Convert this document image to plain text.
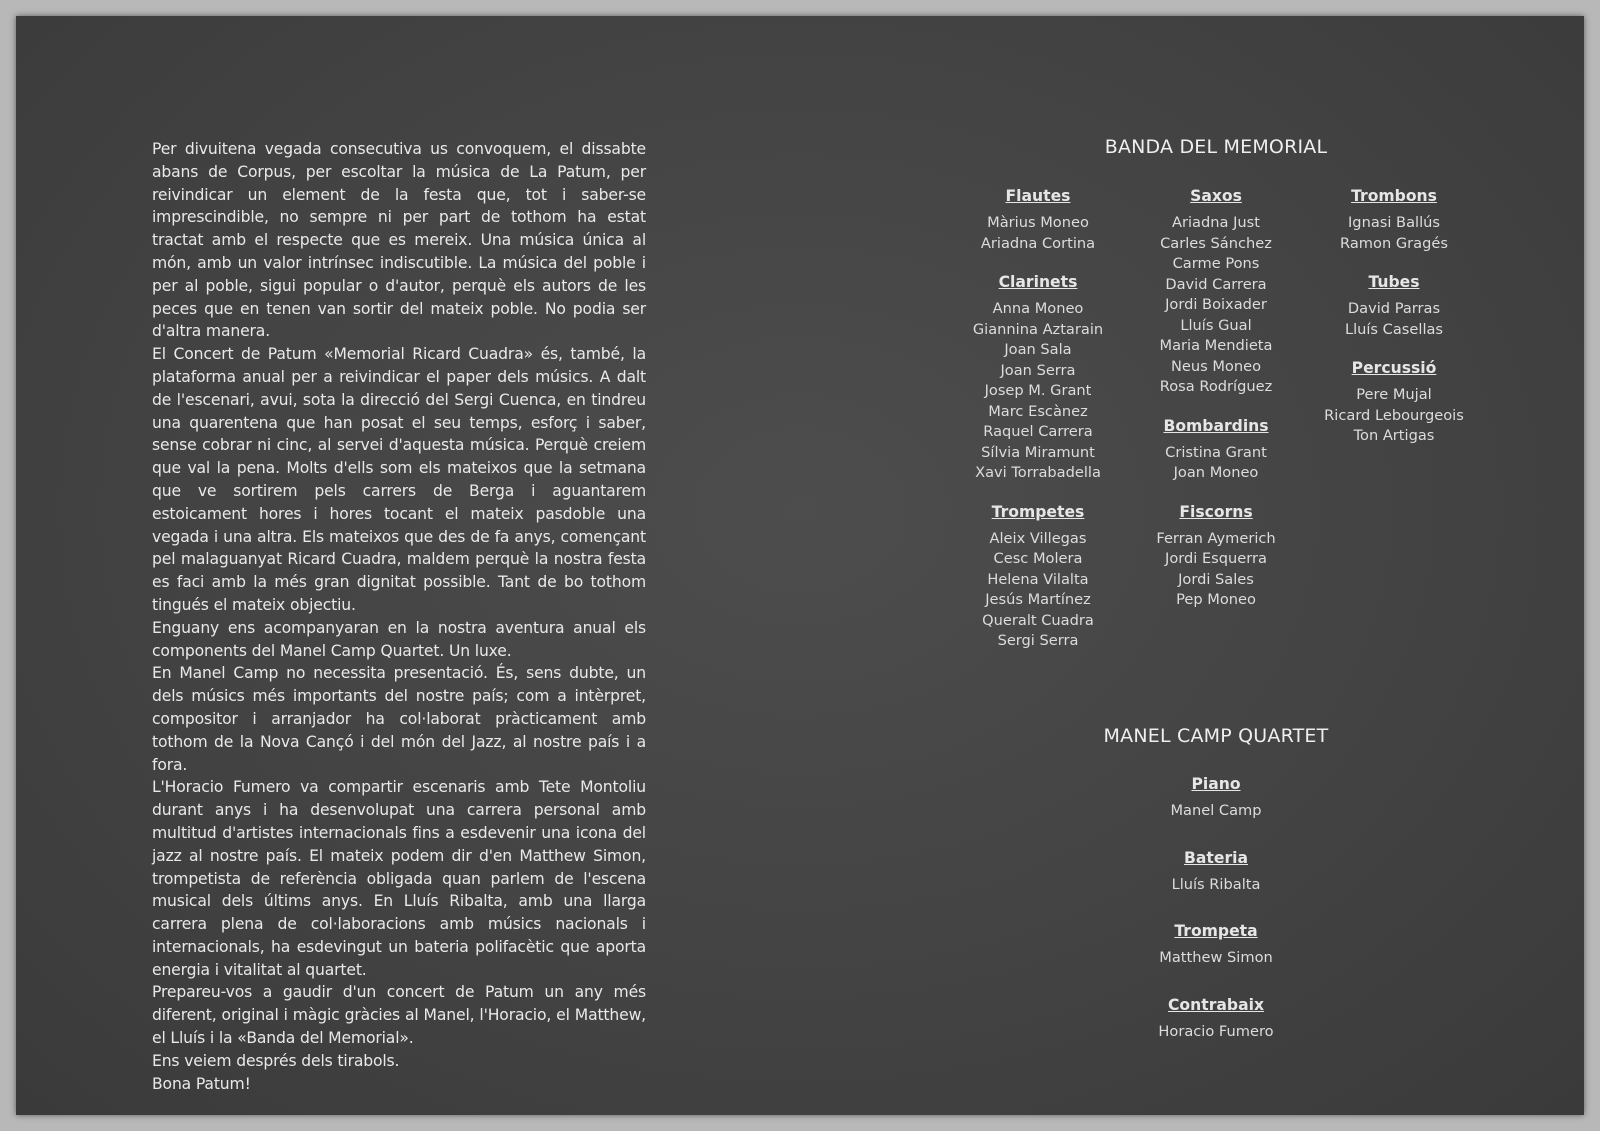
Per divuitena vegada consecutiva us convoquem, el dissabte abans de Corpus, per escoltar la música de La Patum, per reivindicar un element de la festa que, tot i saber-se imprescindible, no sempre ni per part de tothom ha estat tractat amb el respecte que es mereix. Una música única al món, amb un valor intrínsec indiscutible. La música del poble i per al poble, sigui popular o d'autor, perquè els autors de les peces que en tenen van sortir del mateix poble. No podia ser d'altra manera.

El Concert de Patum «Memorial Ricard Cuadra» és, també, la plataforma anual per a reivindicar el paper dels músics. A dalt de l'escenari, avui, sota la direcció del Sergi Cuenca, en tindreu una quarentena que han posat el seu temps, esforç i saber, sense cobrar ni cinc, al servei d'aquesta música. Perquè creiem que val la pena. Molts d'ells som els mateixos que la setmana que ve sortirem pels carrers de Berga i aguantarem estoicament hores i hores tocant el mateix pasdoble una vegada i una altra. Els mateixos que des de fa anys, començant pel malaguanyat Ricard Cuadra, maldem perquè la nostra festa es faci amb la més gran dignitat possible. Tant de bo tothom tingués el mateix objectiu.

Enguany ens acompanyaran en la nostra aventura anual els components del Manel Camp Quartet. Un luxe.

En Manel Camp no necessita presentació. És, sens dubte, un dels músics més importants del nostre país; com a intèrpret, compositor i arranjador ha col·laborat pràcticament amb tothom de la Nova Cançó i del món del Jazz, al nostre país i a fora.

L'Horacio Fumero va compartir escenaris amb Tete Montoliu durant anys i ha desenvolupat una carrera personal amb multitud d'artistes internacionals fins a esdevenir una icona del jazz al nostre país. El mateix podem dir d'en Matthew Simon, trompetista de referència obligada quan parlem de l'escena musical dels últims anys. En Lluís Ribalta, amb una llarga carrera plena de col·laboracions amb músics nacionals i internacionals, ha esdevingut un bateria polifacètic que aporta energia i vitalitat al quartet.

Prepareu-vos a gaudir d'un concert de Patum un any més diferent, original i màgic gràcies al Manel, l'Horacio, el Matthew, el Lluís i la «Banda del Memorial».

Ens veiem després dels tirabols.

Bona Patum!

BANDA DEL MEMORIAL
Flautes
Màrius Moneo
Ariadna Cortina
Clarinets
Anna Moneo
Giannina Aztarain
Joan Sala
Joan Serra
Josep M. Grant
Marc Escànez
Raquel Carrera
Sílvia Miramunt
Xavi Torrabadella
Trompetes
Aleix Villegas
Cesc Molera
Helena Vilalta
Jesús Martínez
Queralt Cuadra
Sergi Serra
Saxos
Ariadna Just
Carles Sánchez
Carme Pons
David Carrera
Jordi Boixader
Lluís Gual
Maria Mendieta
Neus Moneo
Rosa Rodríguez
Bombardins
Cristina Grant
Joan Moneo
Fiscorns
Ferran Aymerich
Jordi Esquerra
Jordi Sales
Pep Moneo
Trombons
Ignasi Ballús
Ramon Gragés
Tubes
David Parras
Lluís Casellas
Percussió
Pere Mujal
Ricard Lebourgeois
Ton Artigas
MANEL CAMP QUARTET
Piano
Manel Camp
Bateria
Lluís Ribalta
Trompeta
Matthew Simon
Contrabaix
Horacio Fumero
